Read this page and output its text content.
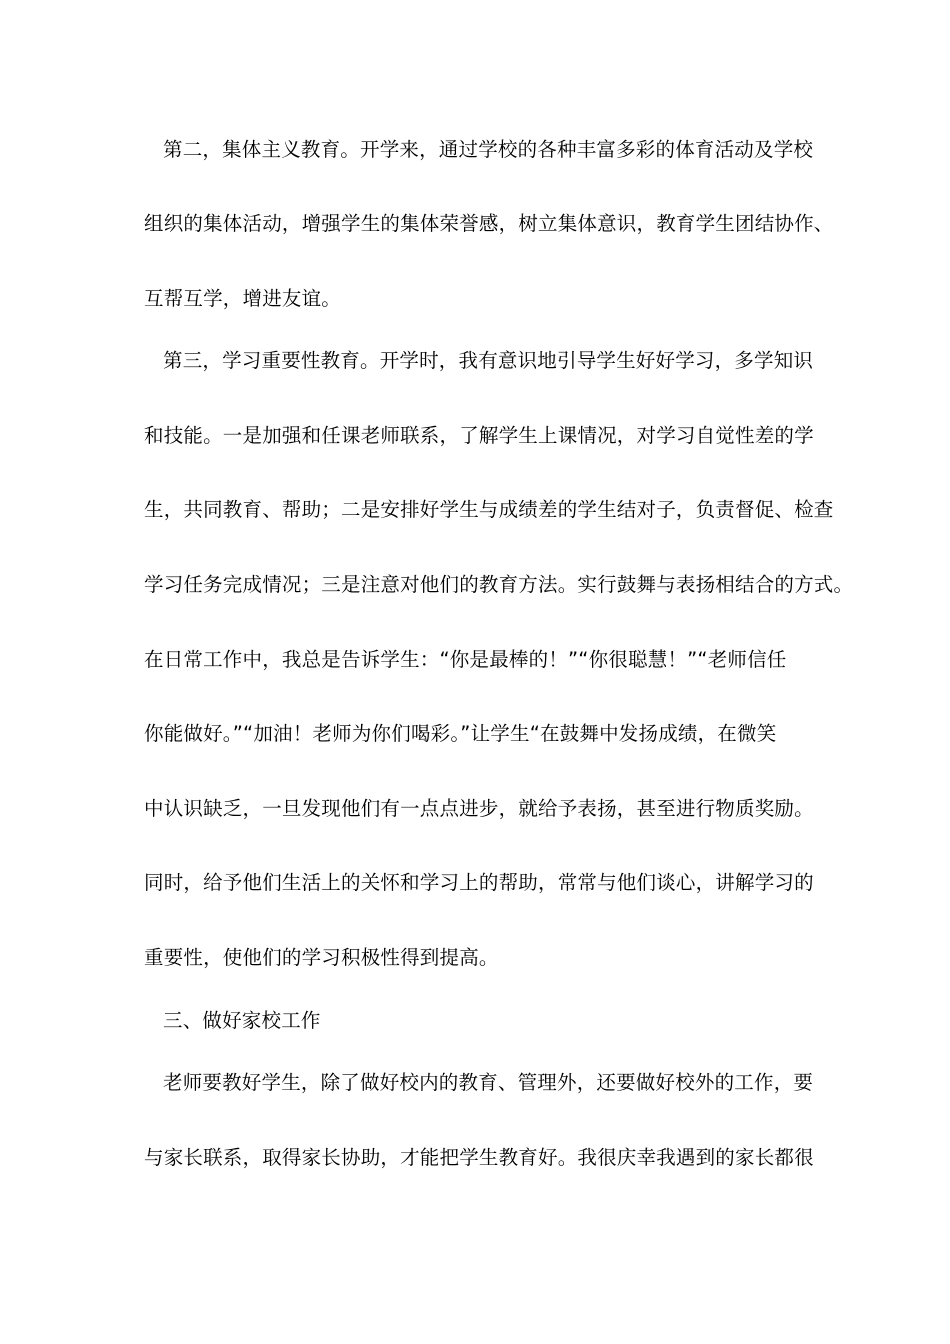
第二，集体主义教育。开学来，通过学校的各种丰富多彩的体育活动及学校

组织的集体活动，增强学生的集体荣誉感，树立集体意识，教育学生团结协作、

互帮互学，增进友谊。

第三，学习重要性教育。开学时，我有意识地引导学生好好学习，多学知识

和技能。一是加强和任课老师联系，了解学生上课情况，对学习自觉性差的学

生，共同教育、帮助；二是安排好学生与成绩差的学生结对子，负责督促、检查

学习任务完成情况；三是注意对他们的教育方法。实行鼓舞与表扬相结合的方式。

在日常工作中，我总是告诉学生：“你是最棒的！”“你很聪慧！”“老师信任

你能做好。”“加油！老师为你们喝彩。”让学生“在鼓舞中发扬成绩，在微笑

中认识缺乏，一旦发现他们有一点点进步，就给予表扬，甚至进行物质奖励。

同时，给予他们生活上的关怀和学习上的帮助，常常与他们谈心，讲解学习的

重要性，使他们的学习积极性得到提高。

三、做好家校工作

老师要教好学生，除了做好校内的教育、管理外，还要做好校外的工作，要

与家长联系，取得家长协助，才能把学生教育好。我很庆幸我遇到的家长都很
